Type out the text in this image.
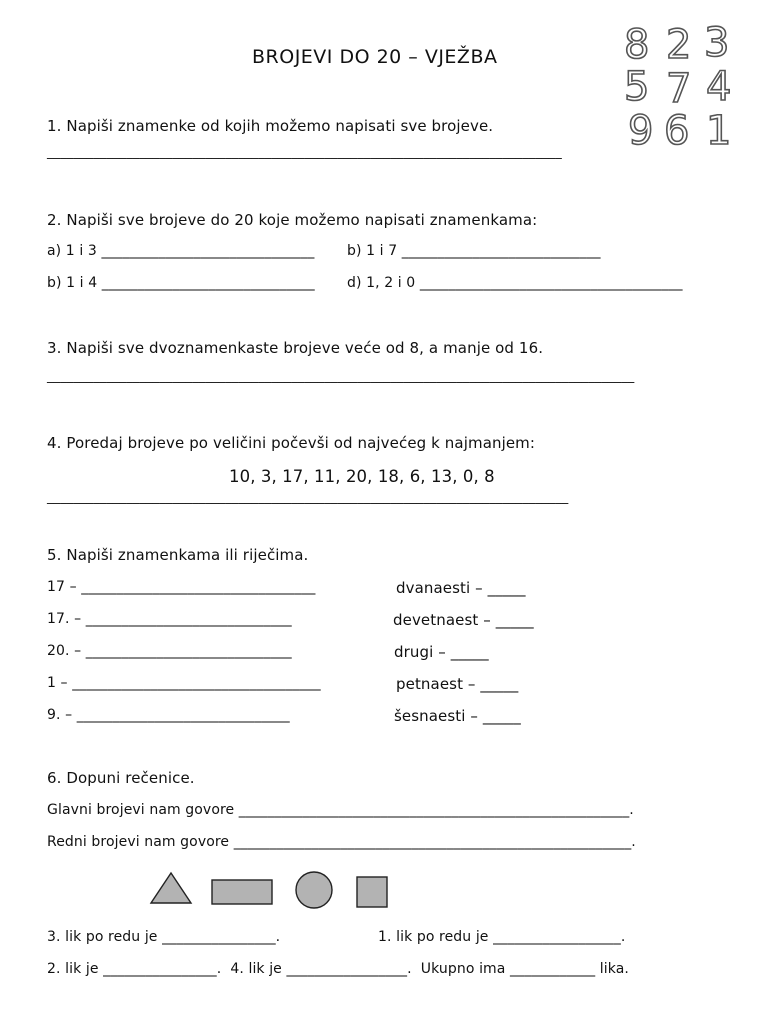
BROJEVI DO 20 – VJEŽBA	8 2 3
5 7 4
9 6 1
1. Napiši znamenke od kojih možemo napisati sve brojeve.
______________________________________________________________________________
2. Napiši sve brojeve do 20 koje možemo napisati znamenkama:
a) 1 i 3 ______________________________ b) 1 i 7 ____________________________
b) 1 i 4 ______________________________ d) 1, 2 i 0 _____________________________________
3. Napiši sve dvoznamenkaste brojeve veće od 8, a manje od 16.
_________________________________________________________________________________________
4. Poredaj brojeve po veličini počevši od najvećeg k najmanjem:
10, 3, 17, 11, 20, 18, 6, 13, 0, 8
_______________________________________________________________________________
5. Napiši znamenkama ili riječima.
17 – _________________________________
17. – _____________________________
20. – _____________________________
1 – ___________________________________
9. – ______________________________
dvanaesti – _____
devetnaest – _____
drugi – _____
petnaest – _____
šesnaesti – _____
6. Dopuni rečenice.
Glavni brojevi nam govore _______________________________________________________.
Redni brojevi nam govore ________________________________________________________.
3. lik po redu je ________________.	1. lik po redu je __________________.
2. lik je ________________.  4. lik je _________________.  Ukupno ima ____________ lika.
